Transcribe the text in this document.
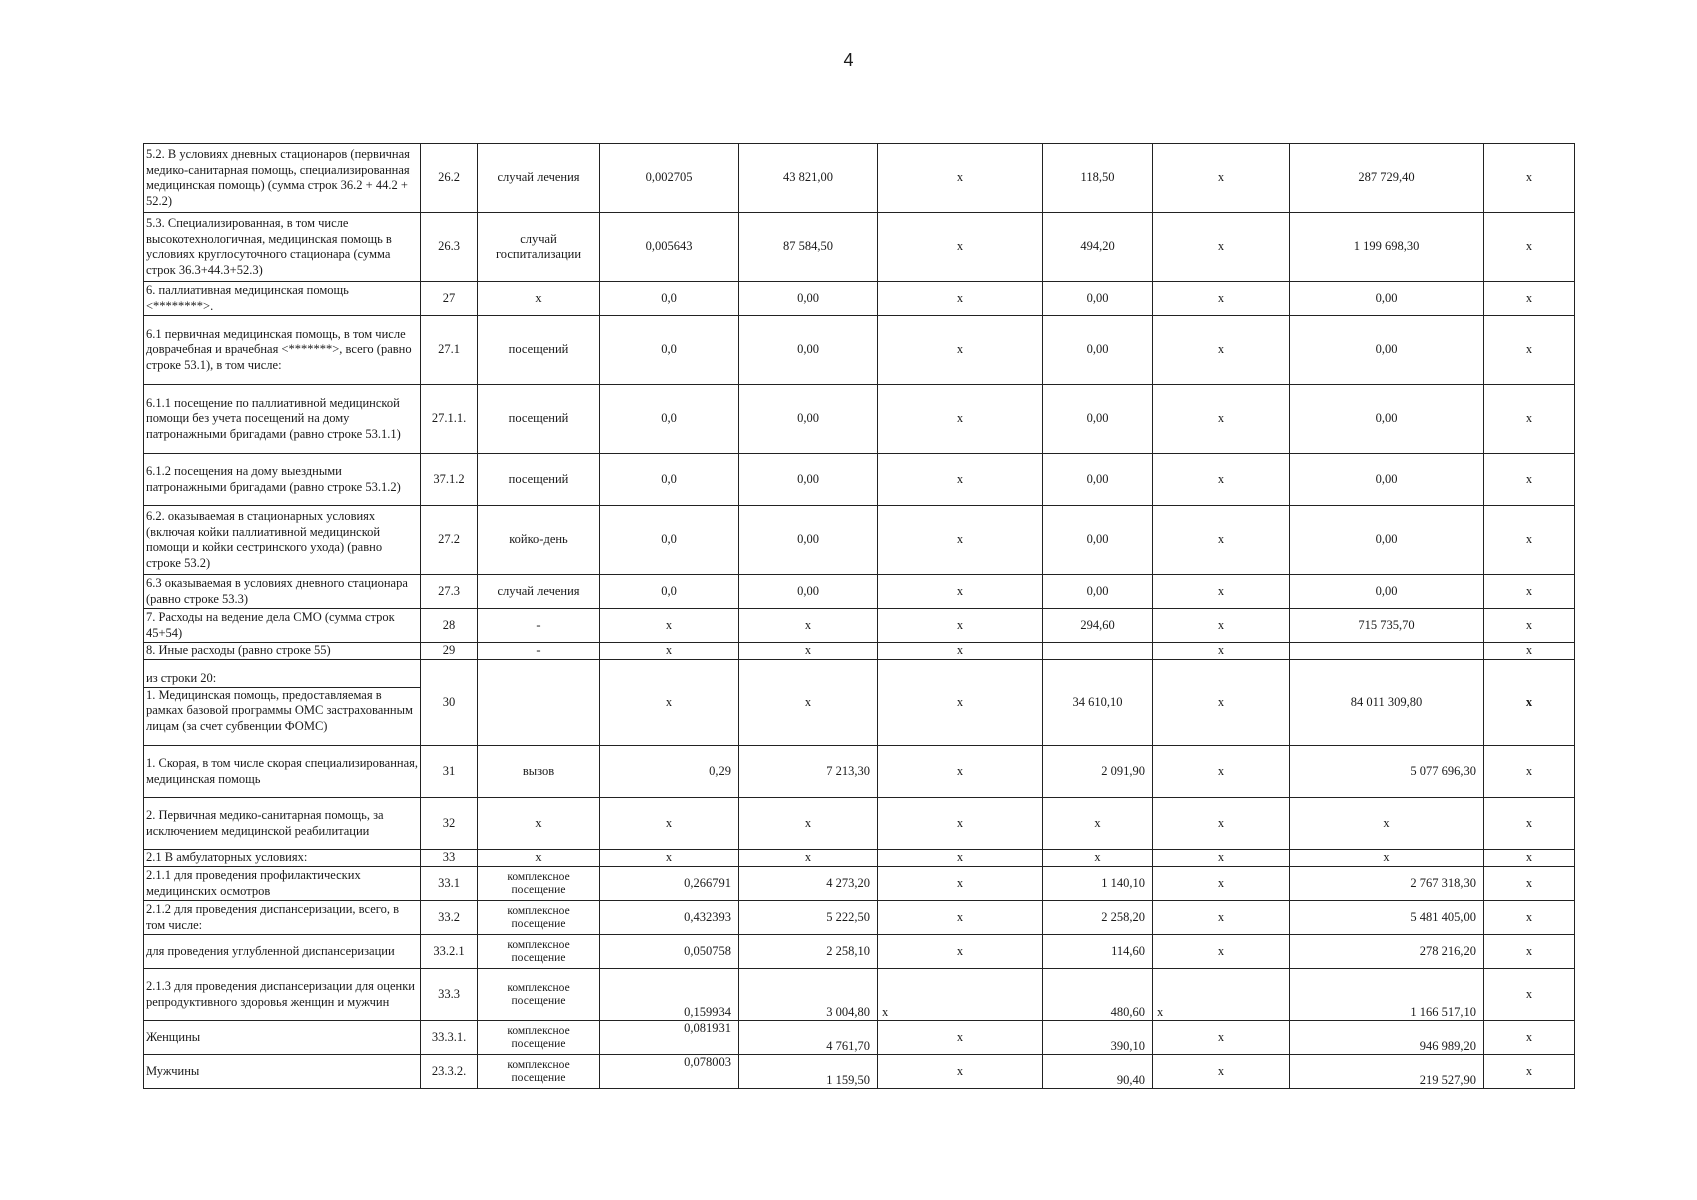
4
5.2. В условиях дневных стационаров (первичная медико-санитарная помощь, специализированная медицинская помощь) (сумма строк 36.2 + 44.2 + 52.2)	26.2	случай лечения	0,002705	43 821,00	х	118,50	х	287 729,40	х
5.3. Специализированная, в том числе высокотехнологичная, медицинская помощь в условиях круглосуточного стационара (сумма строк 36.3+44.3+52.3)	26.3	случай госпитализации	0,005643	87 584,50	х	494,20	х	1 199 698,30	х
6. паллиативная медицинская помощь <********>.	27	х	0,0	0,00	х	0,00	х	0,00	х
6.1 первичная медицинская помощь, в том числе доврачебная и врачебная <*******>, всего (равно строке 53.1), в том числе:	27.1	посещений	0,0	0,00	х	0,00	х	0,00	х
6.1.1 посещение по паллиативной медицинской помощи без учета посещений на дому патронажными бригадами (равно строке 53.1.1)	27.1.1.	посещений	0,0	0,00	х	0,00	х	0,00	х
6.1.2 посещения на дому выездными патронажными бригадами (равно строке 53.1.2)	37.1.2	посещений	0,0	0,00	х	0,00	х	0,00	х
6.2. оказываемая в стационарных условиях (включая койки паллиативной медицинской помощи и койки сестринского ухода) (равно строке 53.2)	27.2	койко-день	0,0	0,00	х	0,00	х	0,00	х
6.3 оказываемая в условиях дневного стационара (равно строке 53.3)	27.3	случай лечения	0,0	0,00	х	0,00	х	0,00	х
7. Расходы на ведение дела СМО (сумма строк 45+54)	28	-	х	х	х	294,60	х	715 735,70	х
8. Иные расходы (равно строке 55)	29	-	х	х	х		х		х

из строки 20:
1. Медицинская помощь, предоставляемая в рамках базовой программы ОМС застрахованным лицам (за счет субвенции ФОМС)	30		х	х	х	34 610,10	х	84 011 309,80	х
1. Скорая, в том числе скорая специализированная, медицинская помощь	31	вызов	0,29	7 213,30	х	2 091,90	х	5 077 696,30	х
2. Первичная медико-санитарная помощь, за исключением медицинской реабилитации	32	х	х	х	х	х	х	х	х
2.1 В амбулаторных условиях:	33	х	х	х	х	х	х	х	х
2.1.1 для проведения профилактических медицинских осмотров	33.1	комплексное посещение	0,266791	4 273,20	х	1 140,10	х	2 767 318,30	х
2.1.2 для проведения диспансеризации, всего, в том числе:	33.2	комплексное посещение	0,432393	5 222,50	х	2 258,20	х	5 481 405,00	х
для проведения углубленной диспансеризации	33.2.1	комплексное посещение	0,050758	2 258,10	х	114,60	х	278 216,20	х
2.1.3 для проведения диспансеризации для оценки репродуктивного здоровья женщин и мужчин	33.3	комплексное посещение	0,159934	3 004,80	х	480,60	х	1 166 517,10	х
Женщины	33.3.1.	комплексное посещение	0,081931	4 761,70	х	390,10	х	946 989,20	х
Мужчины	23.3.2.	комплексное посещение	0,078003	1 159,50	х	90,40	х	219 527,90	х
